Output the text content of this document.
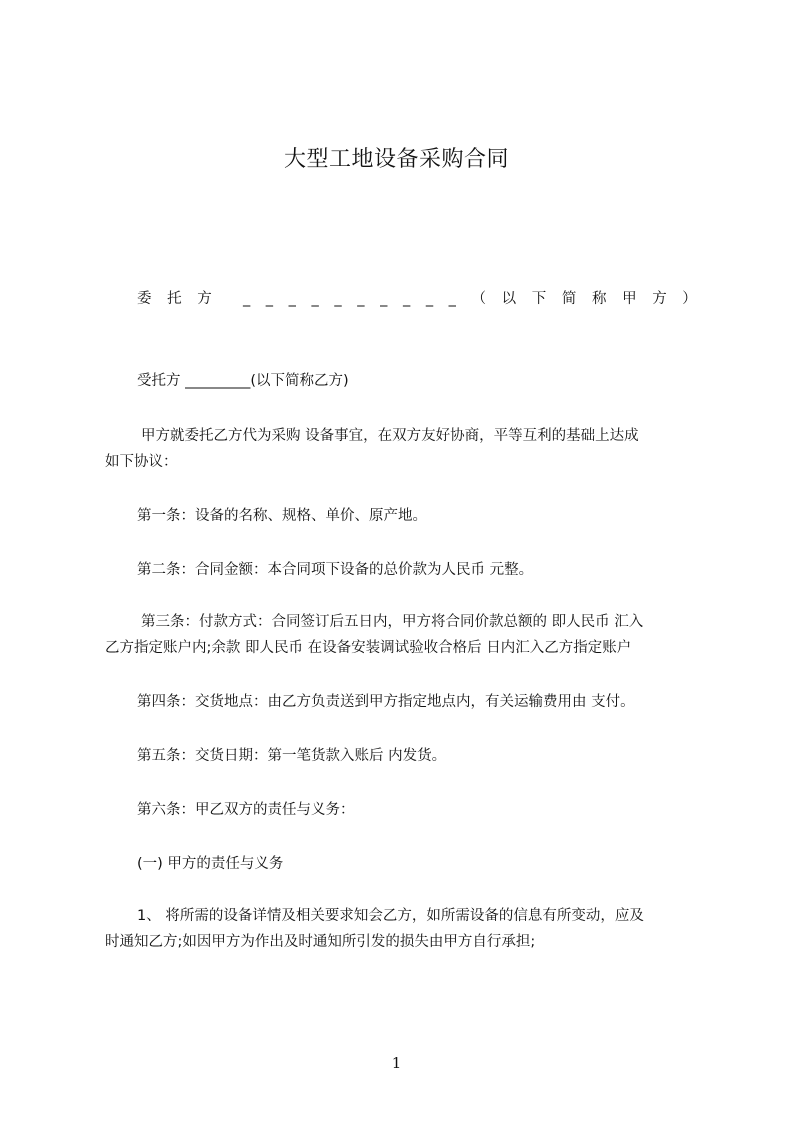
大型工地设备采购合同
委 托 方 _ _ _ _ _ _ _ _ _ _ （ 以 下 简 称 甲 方 ）
受托方 _________(以下简称乙方)
甲方就委托乙方代为采购 设备事宜，在双方友好协商，平等互利的基础上达成
如下协议：
第一条：设备的名称、规格、单价、原产地。
第二条：合同金额：本合同项下设备的总价款为人民币 元整。
第三条：付款方式：合同签订后五日内，甲方将合同价款总额的 即人民币 汇入
乙方指定账户内;余款 即人民币 在设备安装调试验收合格后 日内汇入乙方指定账户
第四条：交货地点：由乙方负责送到甲方指定地点内，有关运输费用由 支付。
第五条：交货日期：第一笔货款入账后 内发货。
第六条：甲乙双方的责任与义务：
(一) 甲方的责任与义务
1、 将所需的设备详情及相关要求知会乙方，如所需设备的信息有所变动，应及
时通知乙方;如因甲方为作出及时通知所引发的损失由甲方自行承担;
1
